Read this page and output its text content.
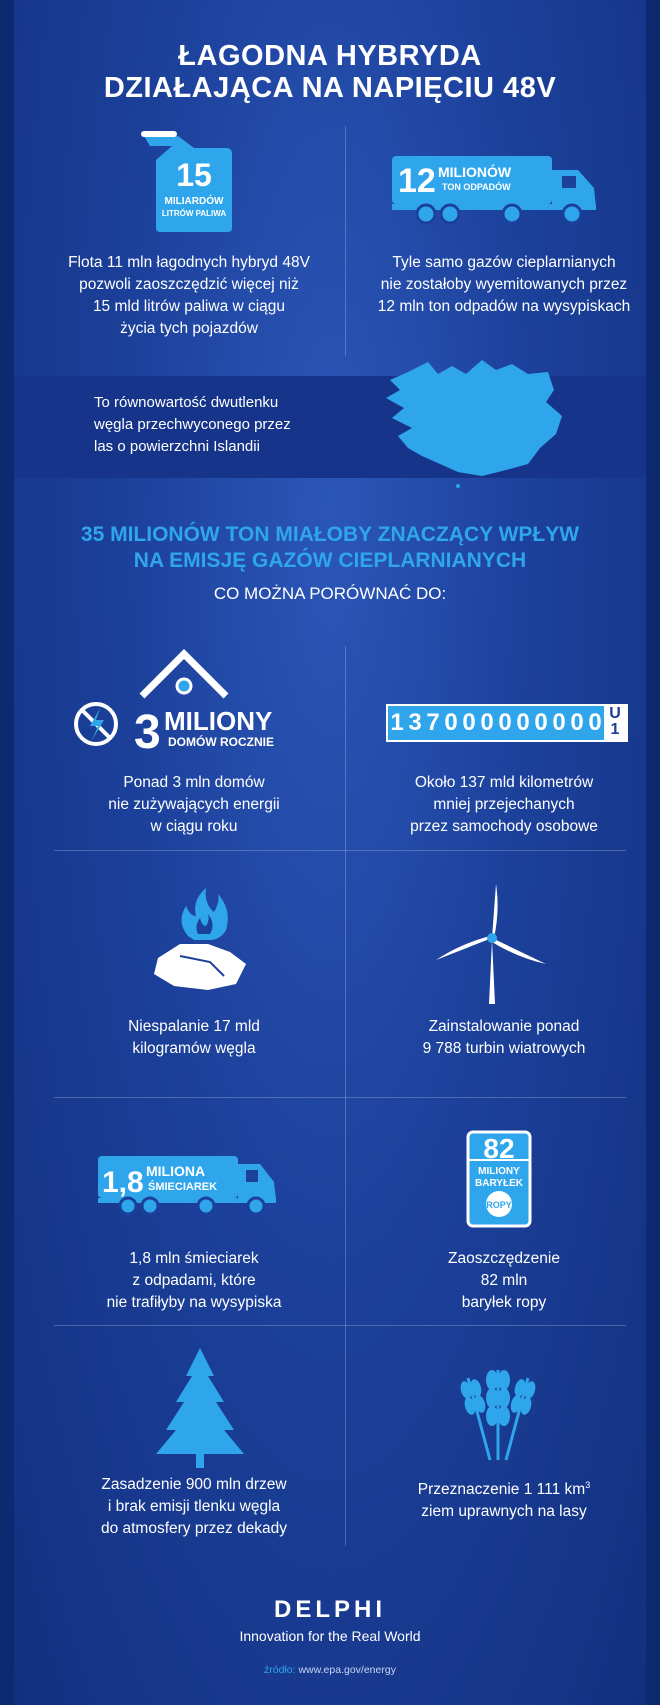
ŁAGODNA HYBRYDA
DZIAŁAJĄCA NA NAPIĘCIU 48V
15
MILIARDÓW
LITRÓW PALIWA
Flota 11 mln łagodnych hybryd 48V
pozwoli zaoszczędzić więcej niż
15 mld litrów paliwa w ciągu
życia tych pojazdów
12 MILIONÓW
TON ODPADÓW
Tyle samo gazów cieplarnianych
nie zostałoby wyemitowanych przez
12 mln ton odpadów na wysypiskach
To równowartość dwutlenku
węgla przechwyconego przez
las o powierzchni Islandii
35 MILIONÓW TON MIAŁOBY ZNACZĄCY WPŁYW
NA EMISJĘ GAZÓW CIEPLARNIANYCH
CO MOŻNA PORÓWNAĆ DO:
3 MILIONY
DOMÓW ROCZNIE
Ponad 3 mln domów
nie zużywających energii
w ciągu roku
1 3 7 0 0 0 0 0 0 0 0 0 U
1
Około 137 mld kilometrów
mniej przejechanych
przez samochody osobowe
Niespalanie 17 mld
kilogramów węgla
Zainstalowanie ponad
9 788 turbin wiatrowych
1,8 MILIONA
ŚMIECIAREK
1,8 mln śmieciarek
z odpadami, które
nie trafiłyby na wysypiska
82
MILIONY
BARYŁEK
ROPY
Zaoszczędzenie
82 mln
baryłek ropy
Zasadzenie 900 mln drzew
i brak emisji tlenku węgla
do atmosfery przez dekady
Przeznaczenie 1 111 $km^3$
ziem uprawnych na lasy
DELPHI
Innovation for the Real World
źródło: www.epa.gov/energy
